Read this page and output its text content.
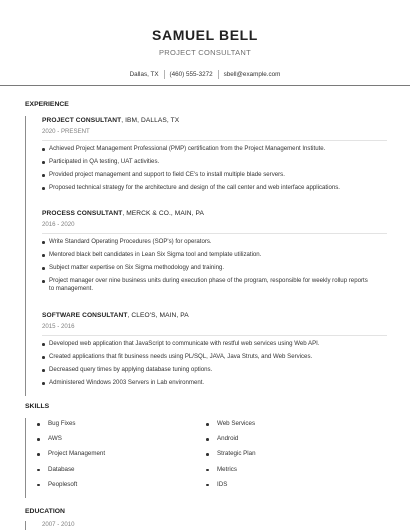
SAMUEL BELL
PROJECT CONSULTANT
Dallas, TX (460) 555-3272 sbell@example.com
EXPERIENCE
PROJECT CONSULTANT, IBM, DALLAS, TX
2020 - PRESENT
Achieved Project Management Professional (PMP) certification from the Project Management Institute.
Participated in QA testing, UAT activities.
Provided project management and support to field CE's to install multiple blade servers.
Proposed technical strategy for the architecture and design of the call center and web interface applications.
PROCESS CONSULTANT, MERCK & CO., MAIN, PA
2016 - 2020
Write Standard Operating Procedures (SOP's) for operators.
Mentored black belt candidates in Lean Six Sigma tool and template utilization.
Subject matter expertise on Six Sigma methodology and training.
Project manager over nine business units during execution phase of the program, responsible for weekly rollup reports to management.
SOFTWARE CONSULTANT, CLEO'S, MAIN, PA
2015 - 2016
Developed web application that JavaScript to communicate with restful web services using Web API.
Created applications that fit business needs using PL/SQL, JAVA, Java Struts, and Web Services.
Decreased query times by applying database tuning options.
Administered Windows 2003 Servers in Lab environment.
SKILLS
Bug Fixes
AWS
Project Management
Database
Peoplesoft
Web Services
Android
Strategic Plan
Metrics
IDS
EDUCATION
2007 - 2010
